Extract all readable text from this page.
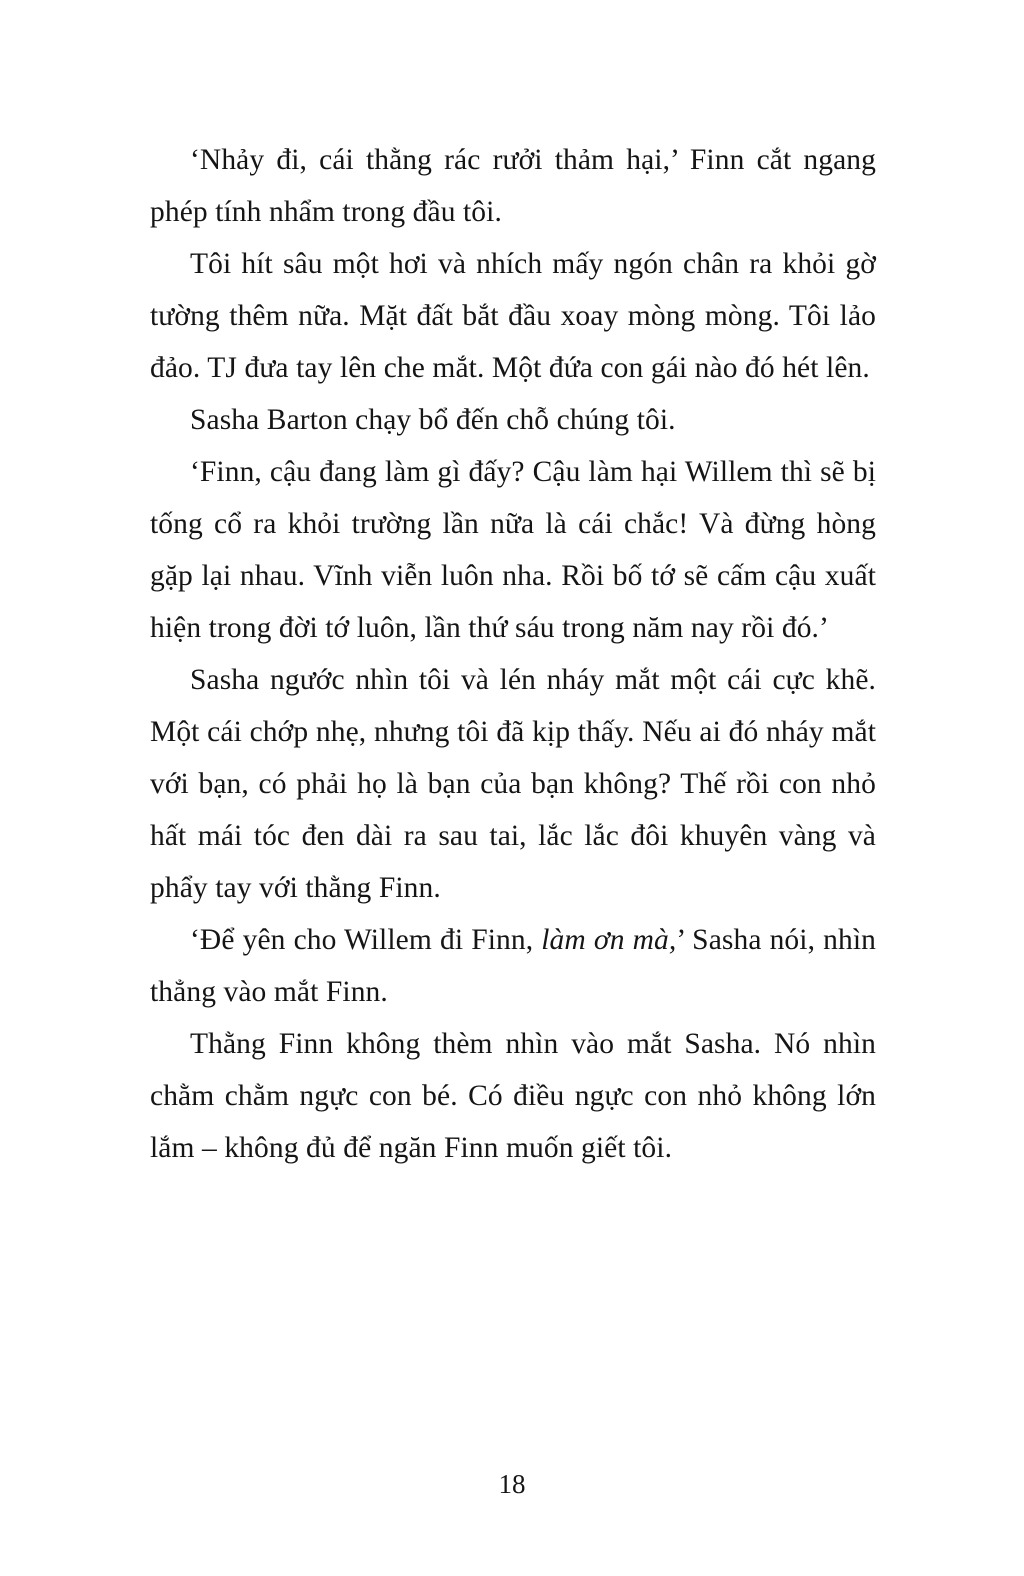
‘Nhảy đi, cái thằng rác rưởi thảm hại,’ Finn cắt ngang phép tính nhẩm trong đầu tôi.

Tôi hít sâu một hơi và nhích mấy ngón chân ra khỏi gờ tường thêm nữa. Mặt đất bắt đầu xoay mòng mòng. Tôi lảo đảo. TJ đưa tay lên che mắt. Một đứa con gái nào đó hét lên.

Sasha Barton chạy bổ đến chỗ chúng tôi.

‘Finn, cậu đang làm gì đấy? Cậu làm hại Willem thì sẽ bị tống cổ ra khỏi trường lần nữa là cái chắc! Và đừng hòng gặp lại nhau. Vĩnh viễn luôn nha. Rồi bố tớ sẽ cấm cậu xuất hiện trong đời tớ luôn, lần thứ sáu trong năm nay rồi đó.’

Sasha ngước nhìn tôi và lén nháy mắt một cái cực khẽ. Một cái chớp nhẹ, nhưng tôi đã kịp thấy. Nếu ai đó nháy mắt với bạn, có phải họ là bạn của bạn không? Thế rồi con nhỏ hất mái tóc đen dài ra sau tai, lắc lắc đôi khuyên vàng và phẩy tay với thằng Finn.

‘Để yên cho Willem đi Finn, làm ơn mà,’ Sasha nói, nhìn thẳng vào mắt Finn.

Thằng Finn không thèm nhìn vào mắt Sasha. Nó nhìn chằm chằm ngực con bé. Có điều ngực con nhỏ không lớn lắm – không đủ để ngăn Finn muốn giết tôi.

18
